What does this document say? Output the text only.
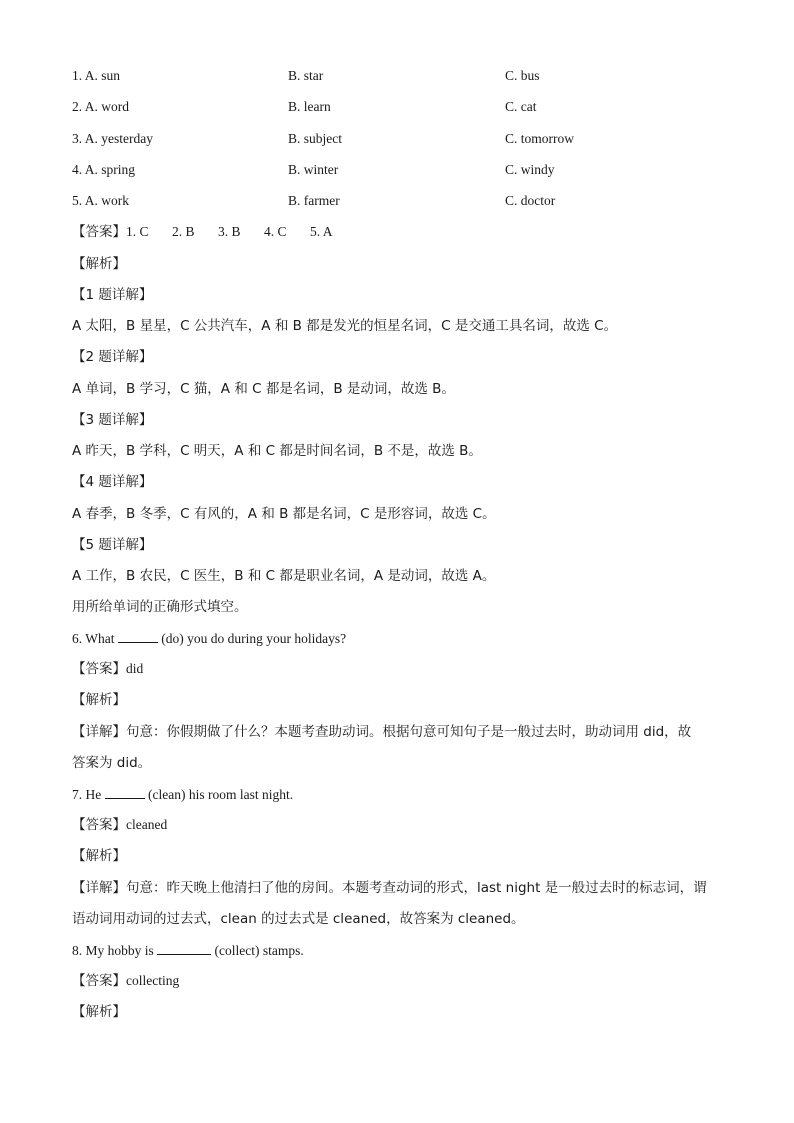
1. A. sun	B. star	C. bus
2. A. word	B. learn	C. cat
3. A. yesterday	B. subject	C. tomorrow
4. A. spring	B. winter	C. windy
5. A. work	B. farmer	C. doctor
【答案】1. C 2. B 3. B 4. C 5. A
【解析】
【1 题详解】
A 太阳，B 星星，C 公共汽车，A 和 B 都是发光的恒星名词，C 是交通工具名词，故选 C。
【2 题详解】
A 单词，B 学习，C 猫，A 和 C 都是名词，B 是动词，故选 B。
【3 题详解】
A 昨天，B 学科，C 明天，A 和 C 都是时间名词，B 不是，故选 B。
【4 题详解】
A 春季，B 冬季，C 有风的，A 和 B 都是名词，C 是形容词，故选 C。
【5 题详解】
A 工作，B 农民，C 医生，B 和 C 都是职业名词，A 是动词，故选 A。
用所给单词的正确形式填空。
6. What	(do) you do during your holidays?
【答案】did
【解析】
【详解】句意：你假期做了什么？本题考查助动词。根据句意可知句子是一般过去时，助动词用 did，故
答案为 did。
7. He	(clean) his room last night.
【答案】cleaned
【解析】
【详解】句意：昨天晚上他清扫了他的房间。本题考查动词的形式，last night 是一般过去时的标志词，谓
语动词用动词的过去式，clean 的过去式是 cleaned，故答案为 cleaned。
8. My hobby is	(collect) stamps.
【答案】collecting
【解析】
